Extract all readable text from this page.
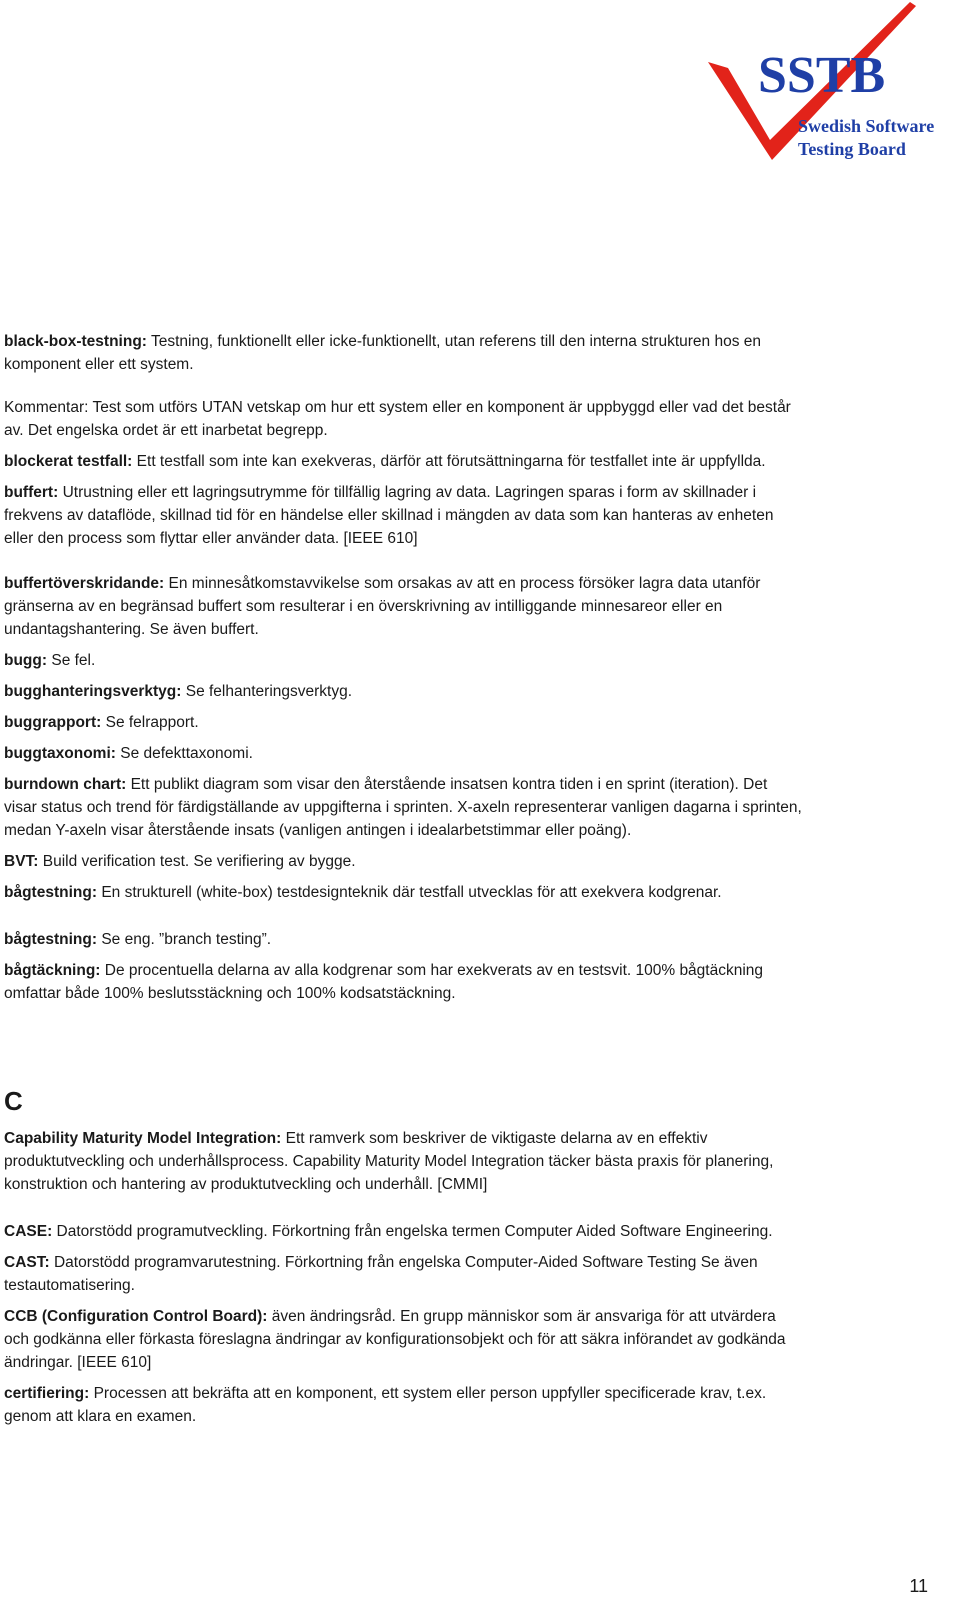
SSTB
Swedish Software
Testing Board

black-box-testning: Testning, funktionellt eller icke-funktionellt, utan referens till den interna strukturen hos en komponent eller ett system.

Kommentar: Test som utförs UTAN vetskap om hur ett system eller en komponent är uppbyggd eller vad det består av. Det engelska ordet är ett inarbetat begrepp.

blockerat testfall: Ett testfall som inte kan exekveras, därför att förutsättningarna för testfallet inte är uppfyllda.

buffert: Utrustning eller ett lagringsutrymme för tillfällig lagring av data. Lagringen sparas i form av skillnader i frekvens av dataflöde, skillnad tid för en händelse eller skillnad i mängden av data som kan hanteras av enheten eller den process som flyttar eller använder data. [IEEE 610]

buffertöverskridande: En minnesåtkomstavvikelse som orsakas av att en process försöker lagra data utanför gränserna av en begränsad buffert som resulterar i en överskrivning av intilliggande minnesareor eller en undantagshantering. Se även buffert.

bugg: Se fel.

bugghanteringsverktyg: Se felhanteringsverktyg.

buggrapport: Se felrapport.

buggtaxonomi: Se defekttaxonomi.

burndown chart: Ett publikt diagram som visar den återstående insatsen kontra tiden i en sprint (iteration). Det visar status och trend för färdigställande av uppgifterna i sprinten. X-axeln representerar vanligen dagarna i sprinten, medan Y-axeln visar återstående insats (vanligen antingen i idealarbetstimmar eller poäng).

BVT: Build verification test. Se verifiering av bygge.

bågtestning: En strukturell (white-box) testdesignteknik där testfall utvecklas för att exekvera kodgrenar.

bågtestning: Se eng. ”branch testing”.

bågtäckning: De procentuella delarna av alla kodgrenar som har exekverats av en testsvit. 100% bågtäckning omfattar både 100% beslutsstäckning och 100% kodsatstäckning.

C

Capability Maturity Model Integration: Ett ramverk som beskriver de viktigaste delarna av en effektiv produktutveckling och underhållsprocess. Capability Maturity Model Integration täcker bästa praxis för planering, konstruktion och hantering av produktutveckling och underhåll. [CMMI]

CASE: Datorstödd programutveckling. Förkortning från engelska termen Computer Aided Software Engineering.

CAST: Datorstödd programvarutestning. Förkortning från engelska Computer-Aided Software Testing Se även testautomatisering.

CCB (Configuration Control Board): även ändringsråd. En grupp människor som är ansvariga för att utvärdera och godkänna eller förkasta föreslagna ändringar av konfigurationsobjekt och för att säkra införandet av godkända ändringar. [IEEE 610]

certifiering: Processen att bekräfta att en komponent, ett system eller person uppfyller specificerade krav, t.ex. genom att klara en examen.

11
